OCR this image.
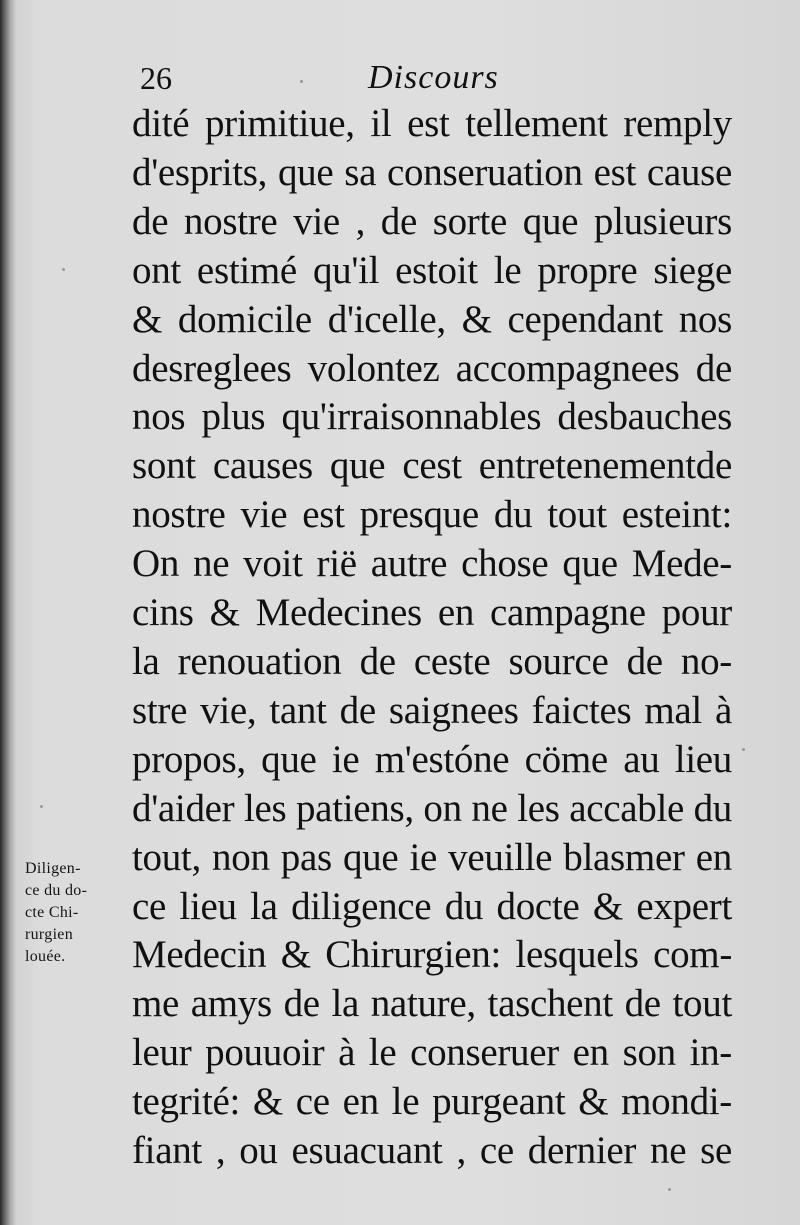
26	Discours
dité primitiue, il est tellement remply
d'esprits, que sa conseruation est cause
de nostre vie , de sorte que plusieurs
ont estimé qu'il estoit le propre siege
& domicile d'icelle, & cependant nos
desreglees volontez accompagnees de
nos plus qu'irraisonnables desbauches
sont causes que cest entretenementde
nostre vie est presque du tout esteint:
On ne voit rië autre chose que Mede-
cins & Medecines en campagne pour
la renouation de ceste source de no-
stre vie, tant de saignees faictes mal à
propos, que ie m'estóne cöme au lieu
d'aider les patiens, on ne les accable du
tout, non pas que ie veuille blasmer en
ce lieu la diligence du docte & expert
Medecin & Chirurgien: lesquels com-
me amys de la nature, taschent de tout
leur pouuoir à le conseruer en son in-
tegrité: & ce en le purgeant & mondi-
fiant , ou esuacuant , ce dernier ne se
Diligen-
ce du do-
cte Chi-
rurgien
louée.
